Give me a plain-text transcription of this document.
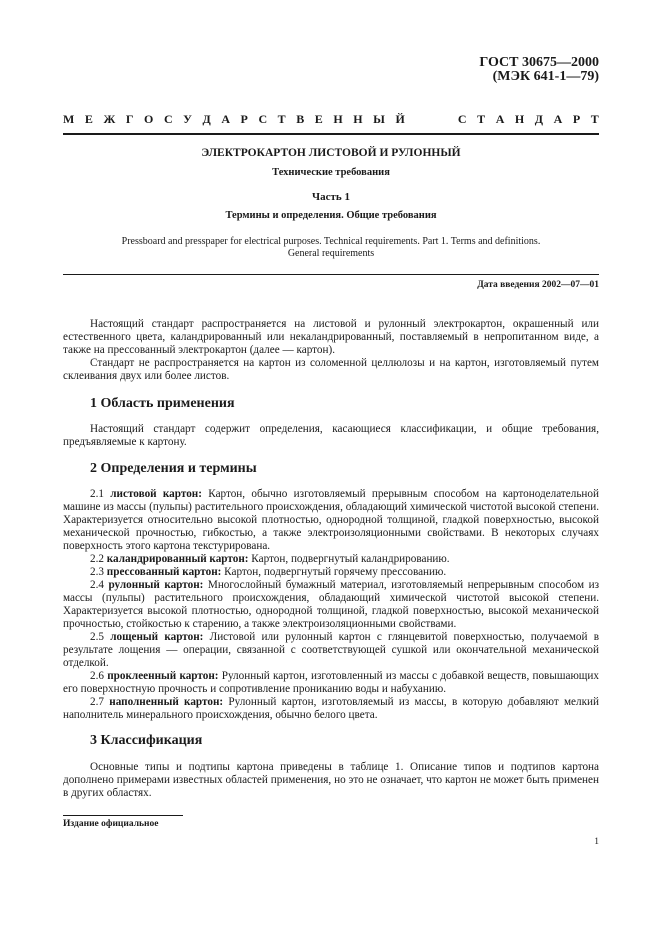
ГОСТ 30675—2000
(МЭК 641-1—79)
М Е Ж Г О С У Д А Р С Т В Е Н Н Ы Й	С Т А Н Д А Р Т
ЭЛЕКТРОКАРТОН ЛИСТОВОЙ И РУЛОННЫЙ
Технические требования
Часть 1
Термины и определения. Общие требования
Pressboard and presspaper for electrical purposes. Technical requirements. Part 1. Terms and definitions.
General requirements
Дата введения 2002—07—01
Настоящий стандарт распространяется на листовой и рулонный электрокартон, окрашенный или естественного цвета, каландрированный или некаландрированный, поставляемый в непропитанном виде, а также на прессованный электрокартон (далее — картон).
Стандарт не распространяется на картон из соломенной целлюлозы и на картон, изготовляемый путем склеивания двух или более листов.
1 Область применения
Настоящий стандарт содержит определения, касающиеся классификации, и общие требования, предъявляемые к картону.
2 Определения и термины
2.1 листовой картон: Картон, обычно изготовляемый прерывным способом на картоноделательной машине из массы (пульпы) растительного происхождения, обладающий химической чистотой высокой степени. Характеризуется относительно высокой плотностью, однородной толщиной, гладкой поверхностью, высокой механической прочностью, гибкостью, а также электроизоляционными свойствами. В некоторых случаях поверхность этого картона текстурирована.
2.2 каландрированный картон: Картон, подвергнутый каландрированию.
2.3 прессованный картон: Картон, подвергнутый горячему прессованию.
2.4 рулонный картон: Многослойный бумажный материал, изготовляемый непрерывным способом из массы (пульпы) растительного происхождения, обладающий химической чистотой высокой степени. Характеризуется высокой плотностью, однородной толщиной, гладкой поверхностью, высокой механической прочностью, стойкостью к старению, а также электроизоляционными свойствами.
2.5 лощеный картон: Листовой или рулонный картон с глянцевитой поверхностью, получаемой в результате лощения — операции, связанной с соответствующей сушкой или окончательной механической отделкой.
2.6 проклеенный картон: Рулонный картон, изготовленный из массы с добавкой веществ, повышающих его поверхностную прочность и сопротивление прониканию воды и набуханию.
2.7 наполненный картон: Рулонный картон, изготовляемый из массы, в которую добавляют мелкий наполнитель минерального происхождения, обычно белого цвета.
3 Классификация
Основные типы и подтипы картона приведены в таблице 1. Описание типов и подтипов картона дополнено примерами известных областей применения, но это не означает, что картон не может быть применен в других областях.
Издание официальное
1
